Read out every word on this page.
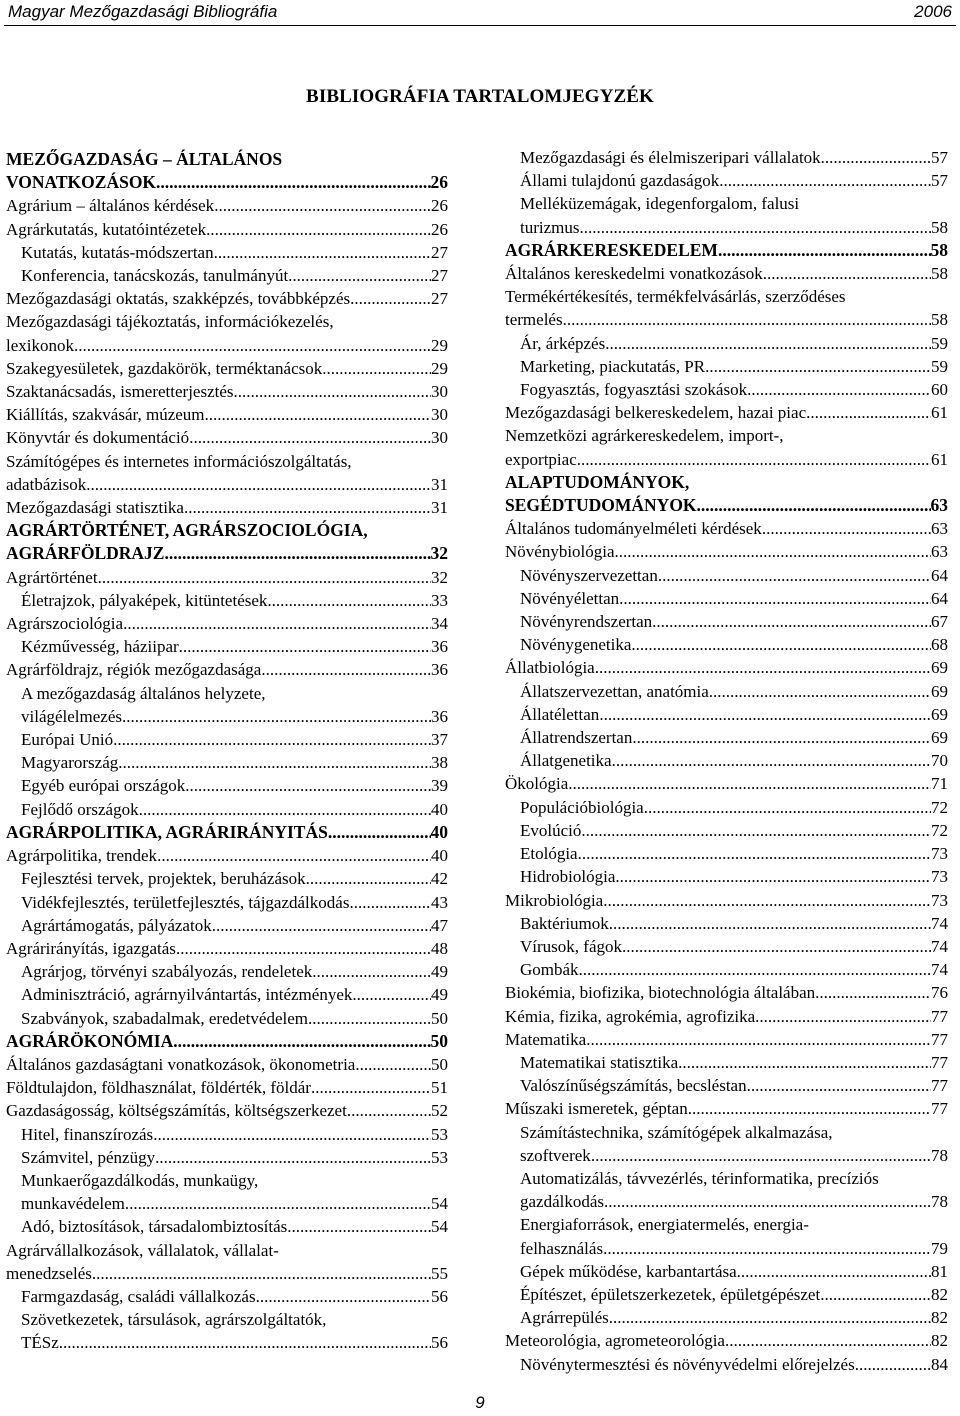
Magyar Mezőgazdasági Bibliográfia	2006
BIBLIOGRÁFIA TARTALOMJEGYZÉK
MEZŐGAZDASÁG – ÁLTALÁNOS
VONATKOZÁSOK .....	26
Agrárium – általános kérdések .....	26
Agrárkutatás, kutatóintézetek .....	26
Kutatás, kutatás-módszertan .....	27
Konferencia, tanácskozás, tanulmányút .....	27
Mezőgazdasági oktatás, szakképzés, továbbképzés .....	27
Mezőgazdasági tájékoztatás, információkezelés,
lexikonok .....	29
Szakegyesületek, gazdakörök, terméktanácsok .....	29
Szaktanácsadás, ismeretterjesztés .....	30
Kiállítás, szakvásár, múzeum .....	30
Könyvtár és dokumentáció .....	30
Számítógépes és internetes információszolgáltatás,
adatbázisok .....	31
Mezőgazdasági statisztika .....	31
AGRÁRTÖRTÉNET, AGRÁRSZOCIOLÓGIA,
AGRÁRFÖLDRAJZ .....	32
Agrártörténet .....	32
Életrajzok, pályaképek, kitüntetések .....	33
Agrárszociológia .....	34
Kézművesség, háziipar .....	36
Agrárföldrajz, régiók mezőgazdasága .....	36
A mezőgazdaság általános helyzete,
világélelmezés .....	36
Európai Unió .....	37
Magyarország .....	38
Egyéb európai országok .....	39
Fejlődő országok .....	40
AGRÁRPOLITIKA, AGRÁRIRÁNYITÁS .....	40
Agrárpolitika, trendek .....	40
Fejlesztési tervek, projektek, beruházások .....	42
Vidékfejlesztés, területfejlesztés, tájgazdálkodás .....	43
Agrártámogatás, pályázatok .....	47
Agrárirányítás, igazgatás .....	48
Agrárjog, törvényi szabályozás, rendeletek .....	49
Adminisztráció, agrárnyilvántartás, intézmények .....	49
Szabványok, szabadalmak, eredetvédelem .....	50
AGRÁRÖKONÓMIA .....	50
Általános gazdaságtani vonatkozások, ökonometria .....	50
Földtulajdon, földhasználat, földérték, földár .....	51
Gazdaságosság, költségszámítás, költségszerkezet .....	52
Hitel, finanszírozás .....	53
Számvitel, pénzügy .....	53
Munkaerőgazdálkodás, munkaügy,
munkavédelem .....	54
Adó, biztosítások, társadalombiztosítás .....	54
Agrárvállalkozások, vállalatok, vállalat-
menedzselés .....	55
Farmgazdaság, családi vállalkozás .....	56
Szövetkezetek, társulások, agrárszolgáltatók,
TÉSz .....	56
Mezőgazdasági és élelmiszeripari vállalatok .....	57
Állami tulajdonú gazdaságok .....	57
Melléküzemágak, idegenforgalom, falusi
turizmus .....	58
AGRÁRKERESKEDELEM .....	58
Általános kereskedelmi vonatkozások .....	58
Termékértékesítés, termékfelvásárlás, szerződéses
termelés .....	58
Ár, árképzés .....	59
Marketing, piackutatás, PR .....	59
Fogyasztás, fogyasztási szokások .....	60
Mezőgazdasági belkereskedelem, hazai piac .....	61
Nemzetközi agrárkereskedelem, import-,
exportpiac .....	61
ALAPTUDOMÁNYOK,
SEGÉDTUDOMÁNYOK .....	63
Általános tudományelméleti kérdések .....	63
Növénybiológia .....	63
Növényszervezettan .....	64
Növényélettan .....	64
Növényrendszertan .....	67
Növénygenetika .....	68
Állatbiológia .....	69
Állatszervezettan, anatómia .....	69
Állatélettan .....	69
Állatrendszertan .....	69
Állatgenetika .....	70
Ökológia .....	71
Populációbiológia .....	72
Evolúció .....	72
Etológia .....	73
Hidrobiológia .....	73
Mikrobiológia .....	73
Baktériumok .....	74
Vírusok, fágok .....	74
Gombák .....	74
Biokémia, biofizika, biotechnológia általában .....	76
Kémia, fizika, agrokémia, agrofizika .....	77
Matematika .....	77
Matematikai statisztika .....	77
Valószínűségszámítás, becsléstan .....	77
Műszaki ismeretek, géptan .....	77
Számítástechnika, számítógépek alkalmazása,
szoftverek .....	78
Automatizálás, távvezérlés, térinformatika, precíziós
gazdálkodás .....	78
Energiaforrások, energiatermelés, energia-
felhasználás .....	79
Gépek működése, karbantartása .....	81
Építészet, épületszerkezetek, épületgépészet .....	82
Agrárrepülés .....	82
Meteorológia, agrometeorológia .....	82
Növénytermesztési és növényvédelmi előrejelzés .....	84
9
